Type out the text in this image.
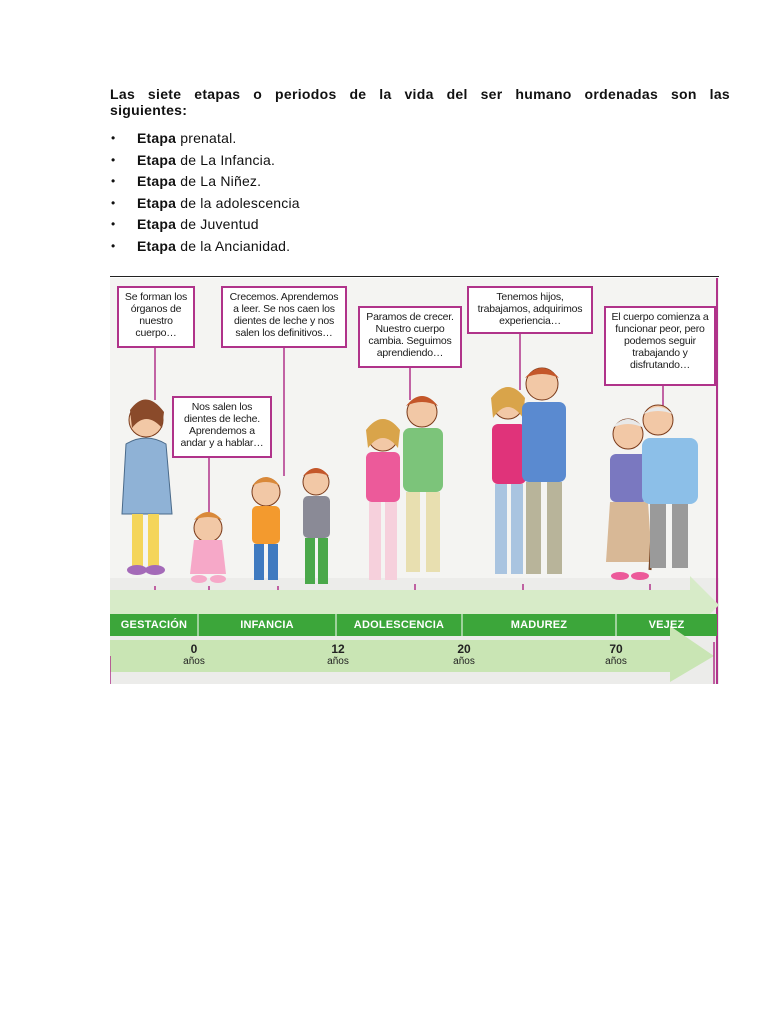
Las siete etapas o periodos de la vida del ser humano ordenadas son las siguientes:
• Etapa prenatal.
• Etapa de La Infancia.
• Etapa de La Niñez.
• Etapa de la adolescencia
• Etapa de Juventud
• Etapa de la Ancianidad.
Se forman los órganos de nuestro cuerpo…
Nos salen los dientes de leche. Aprendemos a andar y a hablar…
Crecemos. Aprendemos a leer. Se nos caen los dientes de leche y nos salen los definitivos…
Paramos de crecer. Nuestro cuerpo cambia. Seguimos aprendiendo…
Tenemos hijos, trabajamos, adquirimos experiencia…	El cuerpo comienza a funcionar peor, pero podemos seguir trabajando y disfrutando…
GESTACIÓN	INFANCIA	ADOLESCENCIA	MADUREZ	VEJEZ
0
años
12
años
20
años
70
años
